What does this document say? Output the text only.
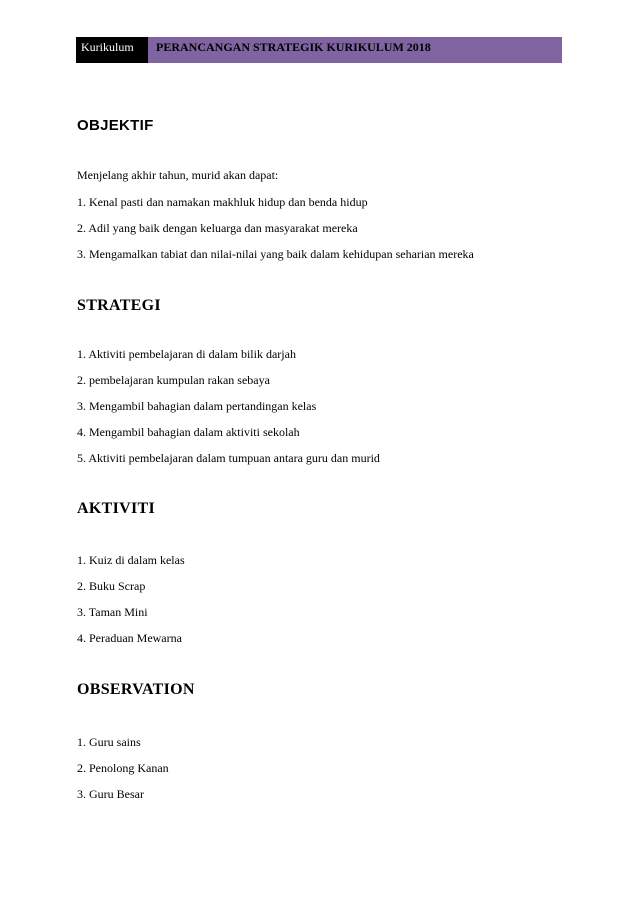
Kurikulum	PERANCANGAN STRATEGIK KURIKULUM 2018
OBJEKTIF

Menjelang akhir tahun, murid akan dapat:

1. Kenal pasti dan namakan makhluk hidup dan benda hidup

2. Adil yang baik dengan keluarga dan masyarakat mereka

3. Mengamalkan tabiat dan nilai-nilai yang baik dalam kehidupan seharian mereka

STRATEGI

1. Aktiviti pembelajaran di dalam bilik darjah

2. pembelajaran kumpulan rakan sebaya

3. Mengambil bahagian dalam pertandingan kelas

4. Mengambil bahagian dalam aktiviti sekolah

5. Aktiviti pembelajaran dalam tumpuan antara guru dan murid

AKTIVITI

1. Kuiz di dalam kelas

2. Buku Scrap

3. Taman Mini

4. Peraduan Mewarna

OBSERVATION

1. Guru sains

2. Penolong Kanan

3. Guru Besar
